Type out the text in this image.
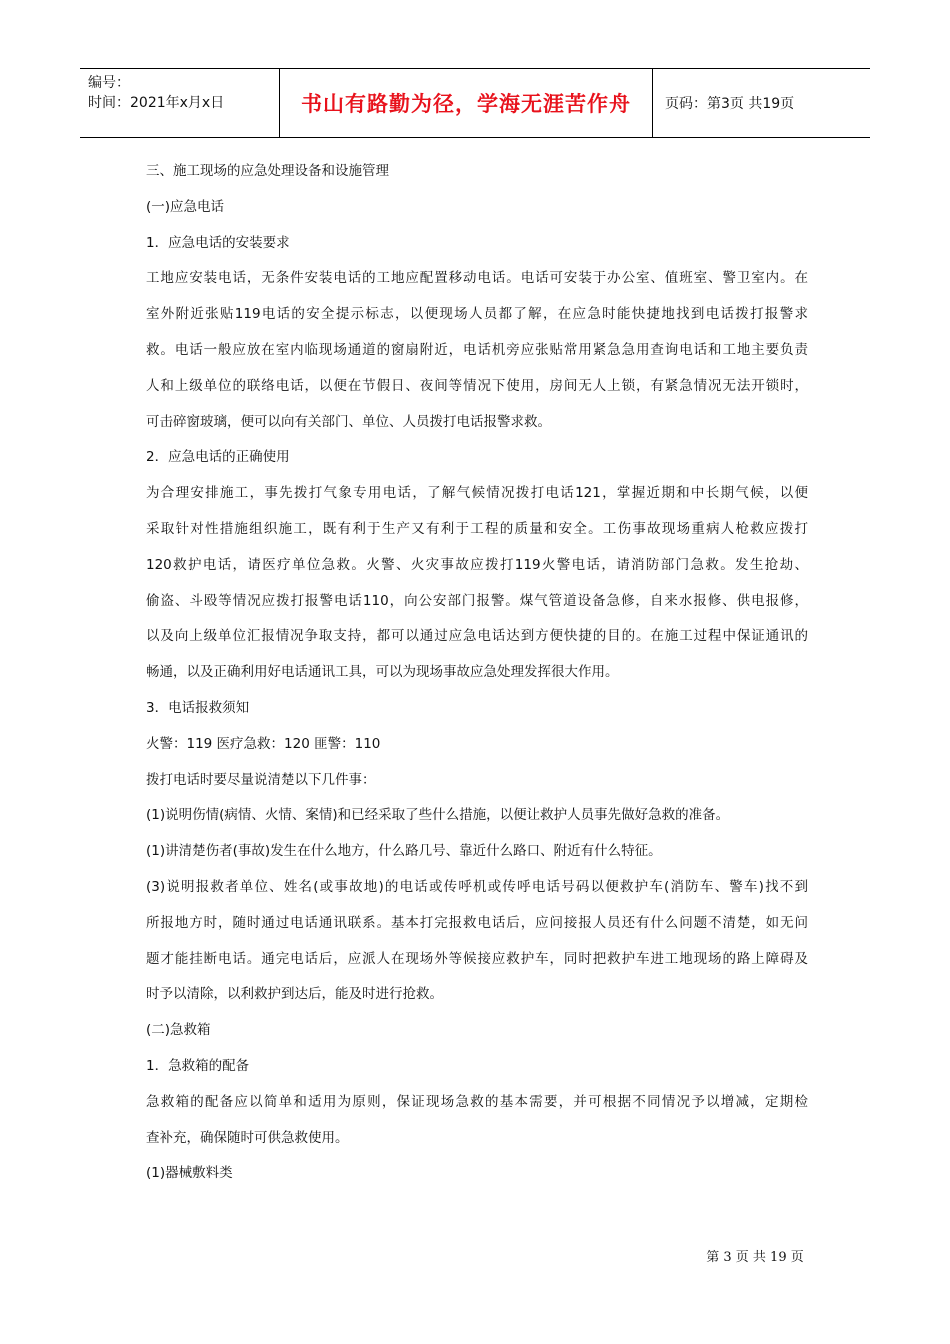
编号：
时间：2021年x月x日	书山有路勤为径，学海无涯苦作舟 页码：第3页 共19页
三、施工现场的应急处理设备和设施管理
(一)应急电话
1．应急电话的安装要求
工地应安装电话，无条件安装电话的工地应配置移动电话。电话可安装于办公室、值班室、警卫室内。在
室外附近张贴119电话的安全提示标志，以便现场人员都了解，在应急时能快捷地找到电话拨打报警求
救。电话一般应放在室内临现场通道的窗扇附近，电话机旁应张贴常用紧急急用查询电话和工地主要负责
人和上级单位的联络电话，以便在节假日、夜间等情况下使用，房间无人上锁，有紧急情况无法开锁时，
可击碎窗玻璃，便可以向有关部门、单位、人员拨打电话报警求救。
2．应急电话的正确使用
为合理安排施工，事先拨打气象专用电话，了解气候情况拨打电话121，掌握近期和中长期气候，以便
采取针对性措施组织施工，既有利于生产又有利于工程的质量和安全。工伤事故现场重病人枪救应拨打
120救护电话，请医疗单位急救。火警、火灾事故应拨打119火警电话，请消防部门急救。发生抢劫、
偷盗、斗殴等情况应拨打报警电话110，向公安部门报警。煤气管道设备急修，自来水报修、供电报修，
以及向上级单位汇报情况争取支持，都可以通过应急电话达到方便快捷的目的。在施工过程中保证通讯的
畅通，以及正确利用好电话通讯工具，可以为现场事故应急处理发挥很大作用。
3．电话报救须知
火警：119 医疗急救：120 匪警：110
拨打电话时要尽量说清楚以下几件事：
(1)说明伤情(病情、火情、案情)和已经采取了些什么措施，以便让救护人员事先做好急救的准备。
(1)讲清楚伤者(事故)发生在什么地方，什么路几号、靠近什么路口、附近有什么特征。
(3)说明报救者单位、姓名(或事故地)的电话或传呼机或传呼电话号码以便救护车(消防车、警车)找不到
所报地方时，随时通过电话通讯联系。基本打完报救电话后，应问接报人员还有什么问题不清楚，如无问
题才能挂断电话。通完电话后，应派人在现场外等候接应救护车，同时把救护车进工地现场的路上障碍及
时予以清除，以利救护到达后，能及时进行抢救。
(二)急救箱
1．急救箱的配备
急救箱的配备应以简单和适用为原则，保证现场急救的基本需要，并可根据不同情况予以增减，定期检
查补充，确保随时可供急救使用。
(1)器械敷料类
第 3 页 共 19 页
